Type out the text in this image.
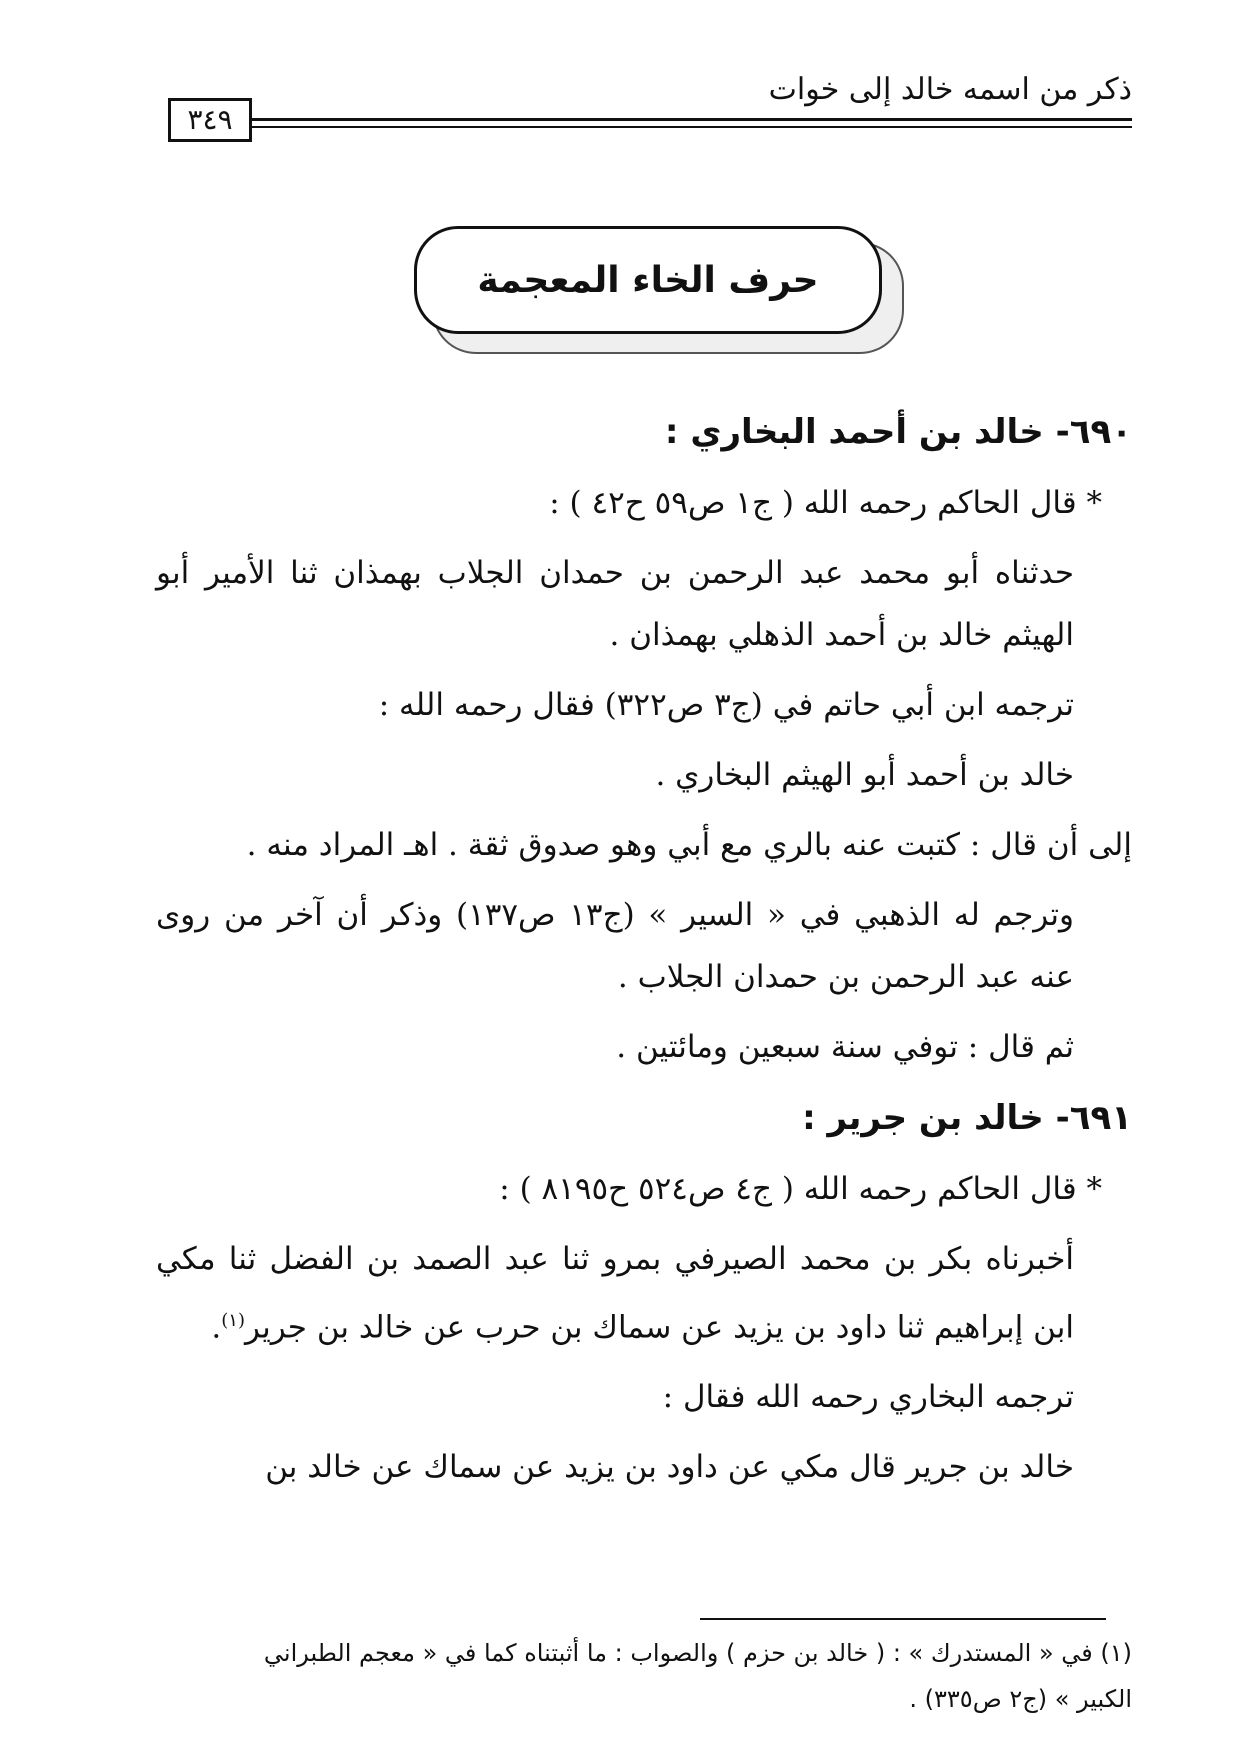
ذكر من اسمه خالد إلى خوات
٣٤٩
حرف الخاء المعجمة

٦٩٠- خالد بن أحمد البخاري :

* قال الحاكم رحمه الله ( ج١ ص٥٩ ح٤٢ ) :

حدثناه أبو محمد عبد الرحمن بن حمدان الجلاب بهمذان ثنا الأمير أبو الهيثم خالد بن أحمد الذهلي بهمذان .

ترجمه ابن أبي حاتم في (ج٣ ص٣٢٢) فقال رحمه الله :

خالد بن أحمد أبو الهيثم البخاري .

إلى أن قال : كتبت عنه بالري مع أبي وهو صدوق ثقة . اهـ المراد منه .

وترجم له الذهبي في « السير » (ج١٣ ص١٣٧) وذكر أن آخر من روى عنه عبد الرحمن بن حمدان الجلاب .

ثم قال : توفي سنة سبعين ومائتين .

٦٩١- خالد بن جرير :

* قال الحاكم رحمه الله ( ج٤ ص٥٢٤ ح٨١٩٥ ) :

أخبرناه بكر بن محمد الصيرفي بمرو ثنا عبد الصمد بن الفضل ثنا مكي ابن إبراهيم ثنا داود بن يزيد عن سماك بن حرب عن خالد بن جرير$^{(١)}$.

ترجمه البخاري رحمه الله فقال :

خالد بن جرير قال مكي عن داود بن يزيد عن سماك عن خالد بن

(١) في « المستدرك » : ( خالد بن حزم ) والصواب : ما أثبتناه كما في « معجم الطبراني

الكبير » (ج٢ ص٣٣٥) .
